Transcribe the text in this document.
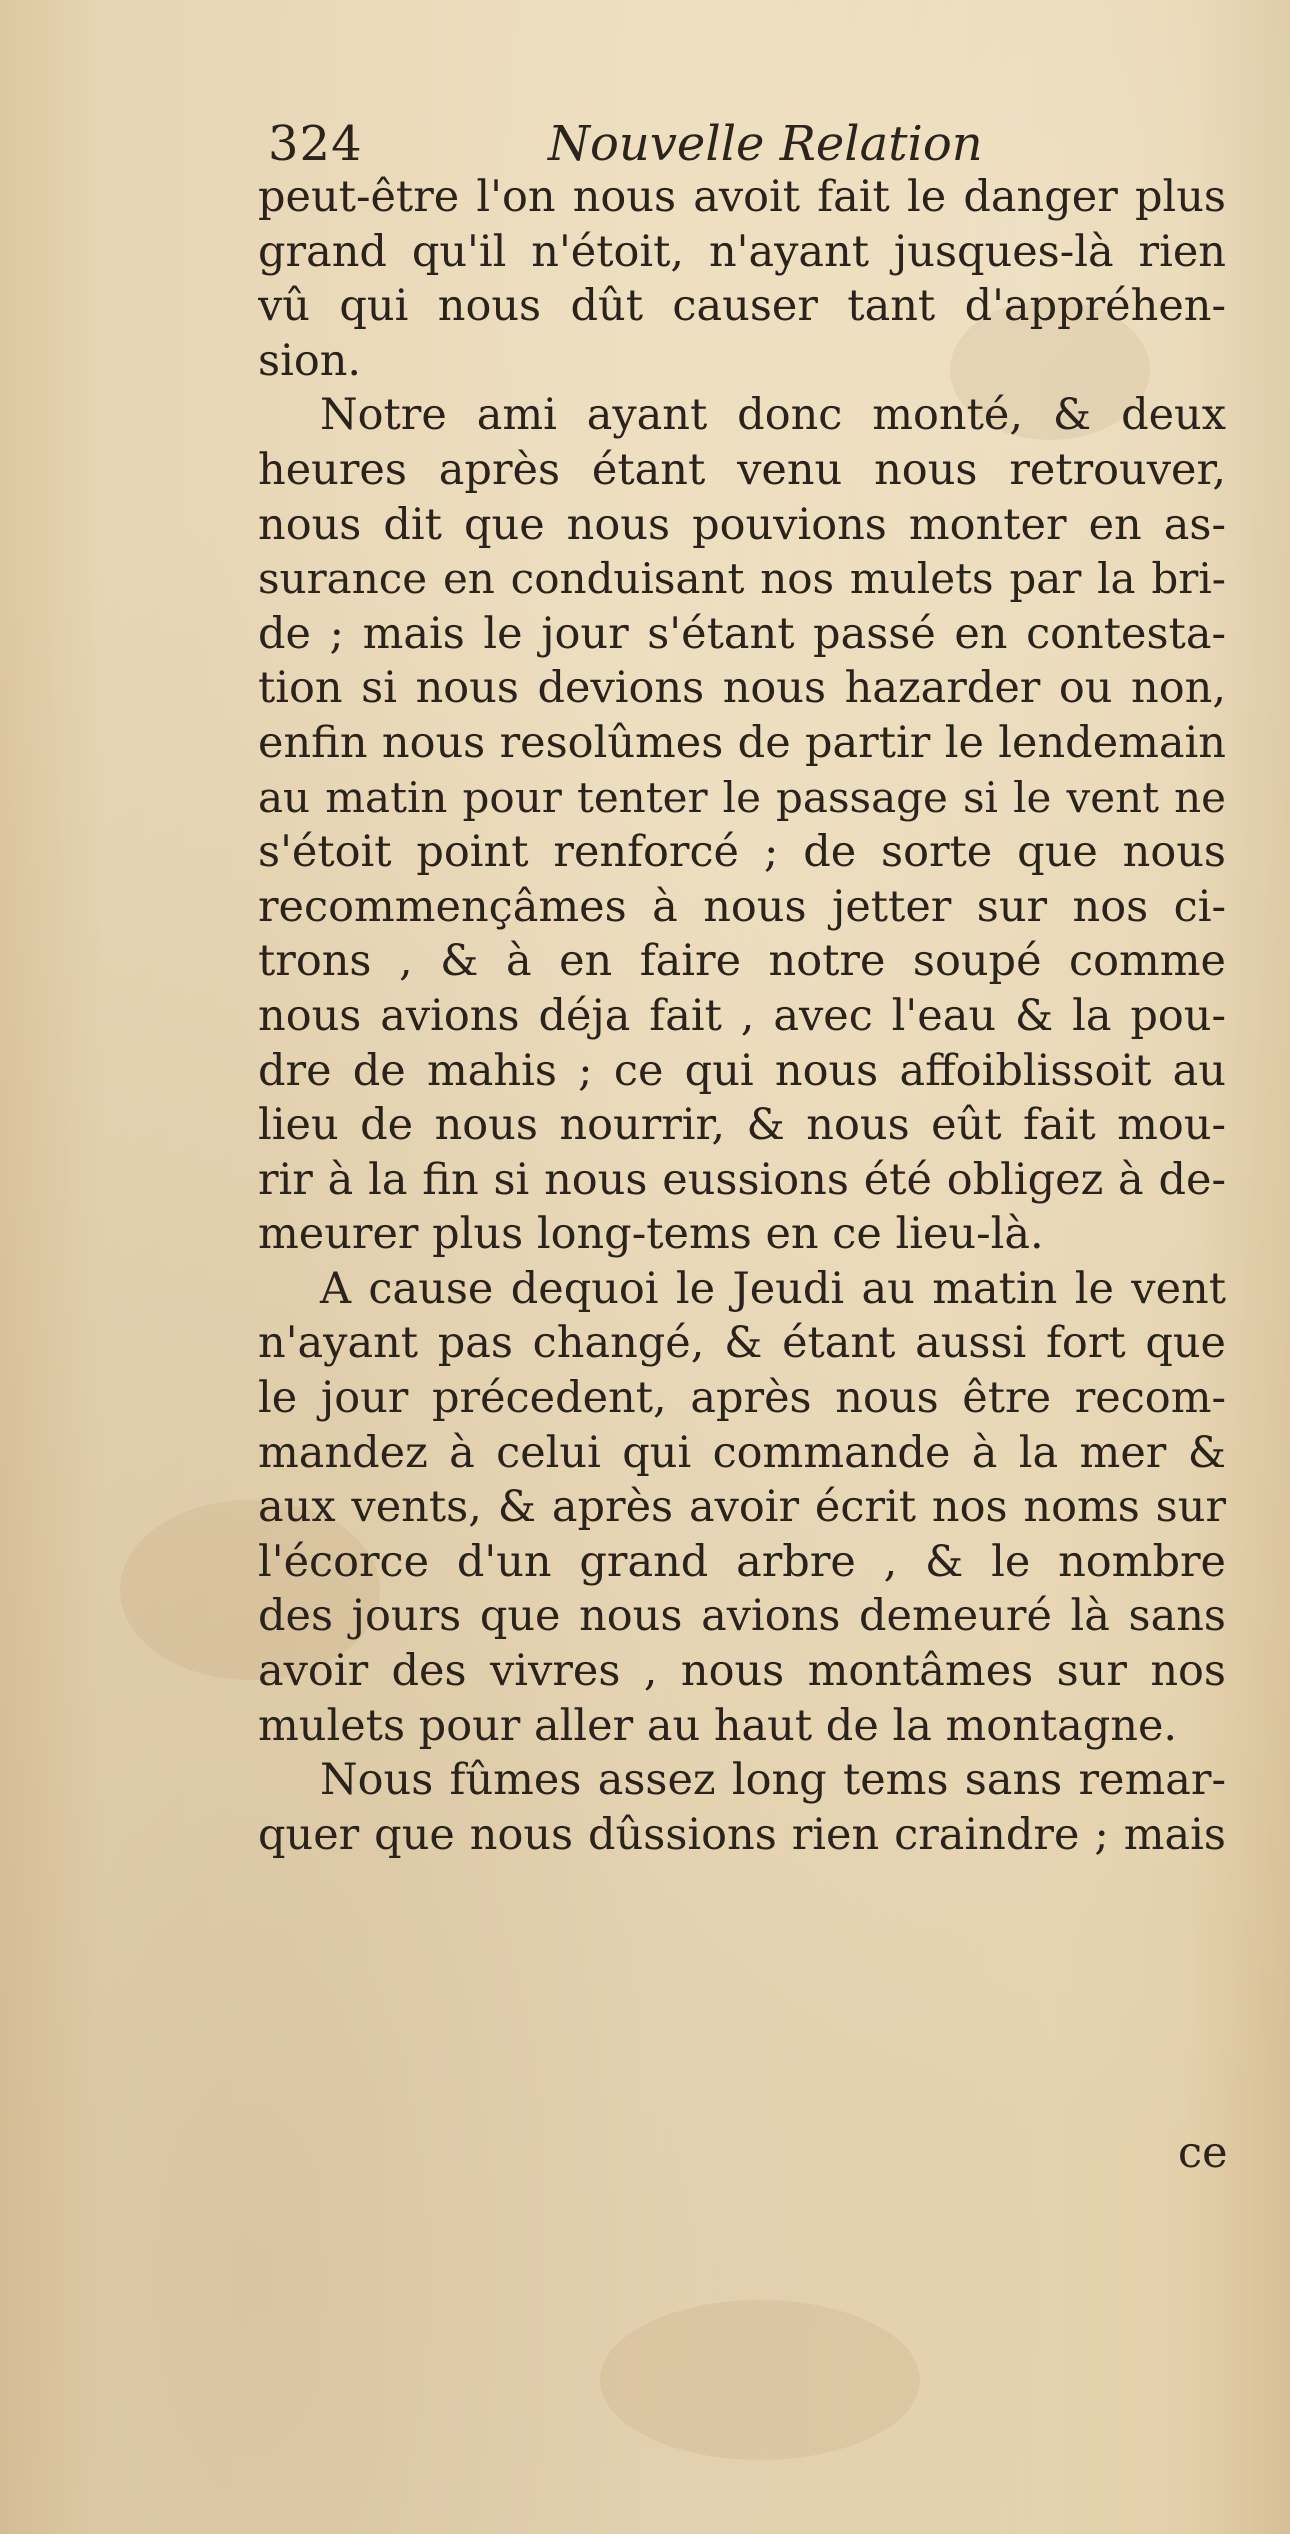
324	Nouvelle Relation
peut-être l'on nous avoit fait le danger plus
grand qu'il n'étoit, n'ayant jusques-là rien
vû qui nous dût causer tant d'appréhen-
sion.
Notre ami ayant donc monté, & deux
heures après étant venu nous retrouver,
nous dit que nous pouvions monter en as-
surance en conduisant nos mulets par la bri-
de ; mais le jour s'étant passé en contesta-
tion si nous devions nous hazarder ou non,
enfin nous resolûmes de partir le lendemain
au matin pour tenter le passage si le vent ne
s'étoit point renforcé ; de sorte que nous
recommençâmes à nous jetter sur nos ci-
trons , & à en faire notre soupé comme
nous avions déja fait , avec l'eau & la pou-
dre de mahis ; ce qui nous affoiblissoit au
lieu de nous nourrir, & nous eût fait mou-
rir à la fin si nous eussions été obligez à de-
meurer plus long-tems en ce lieu-là.
A cause dequoi le Jeudi au matin le vent
n'ayant pas changé, & étant aussi fort que
le jour précedent, après nous être recom-
mandez à celui qui commande à la mer &
aux vents, & après avoir écrit nos noms sur
l'écorce d'un grand arbre , & le nombre
des jours que nous avions demeuré là sans
avoir des vivres , nous montâmes sur nos
mulets pour aller au haut de la montagne.
Nous fûmes assez long tems sans remar-
quer que nous dûssions rien craindre ; mais
ce
